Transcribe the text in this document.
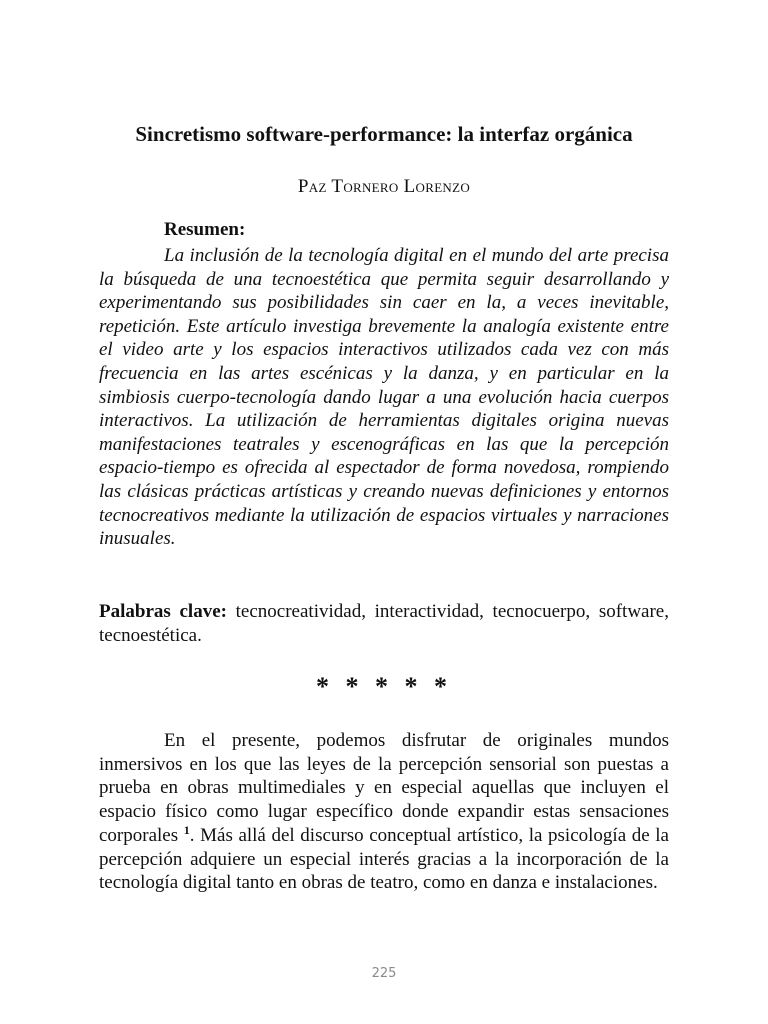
Sincretismo software-performance: la interfaz orgánica
Paz Tornero Lorenzo
Resumen:

La inclusión de la tecnología digital en el mundo del arte precisa la búsqueda de una tecnoestética que permita seguir desarrollando y experimentando sus posibilidades sin caer en la, a veces inevitable, repetición. Este artículo investiga brevemente la analogía existente entre el video arte y los espacios interactivos utilizados cada vez con más frecuencia en las artes escénicas y la danza, y en particular en la simbiosis cuerpo-tecnología dando lugar a una evolución hacia cuerpos interactivos. La utilización de herramientas digitales origina nuevas manifestaciones teatrales y escenográficas en las que la percepción espacio-tiempo es ofrecida al espectador de forma novedosa, rompiendo las clásicas prácticas artísticas y creando nuevas definiciones y entornos tecnocreativos mediante la utilización de espacios virtuales y narraciones inusuales.

Palabras clave: tecnocreatividad, interactividad, tecnocuerpo, software, tecnoestética.

* * * * *

En el presente, podemos disfrutar de originales mundos inmersivos en los que las leyes de la percepción sensorial son puestas a prueba en obras multimediales y en especial aquellas que incluyen el espacio físico como lugar específico donde expandir estas sensaciones corporales $^1$. Más allá del discurso conceptual artístico, la psicología de la percepción adquiere un especial interés gracias a la incorporación de la tecnología digital tanto en obras de teatro, como en danza e instalaciones.

225
